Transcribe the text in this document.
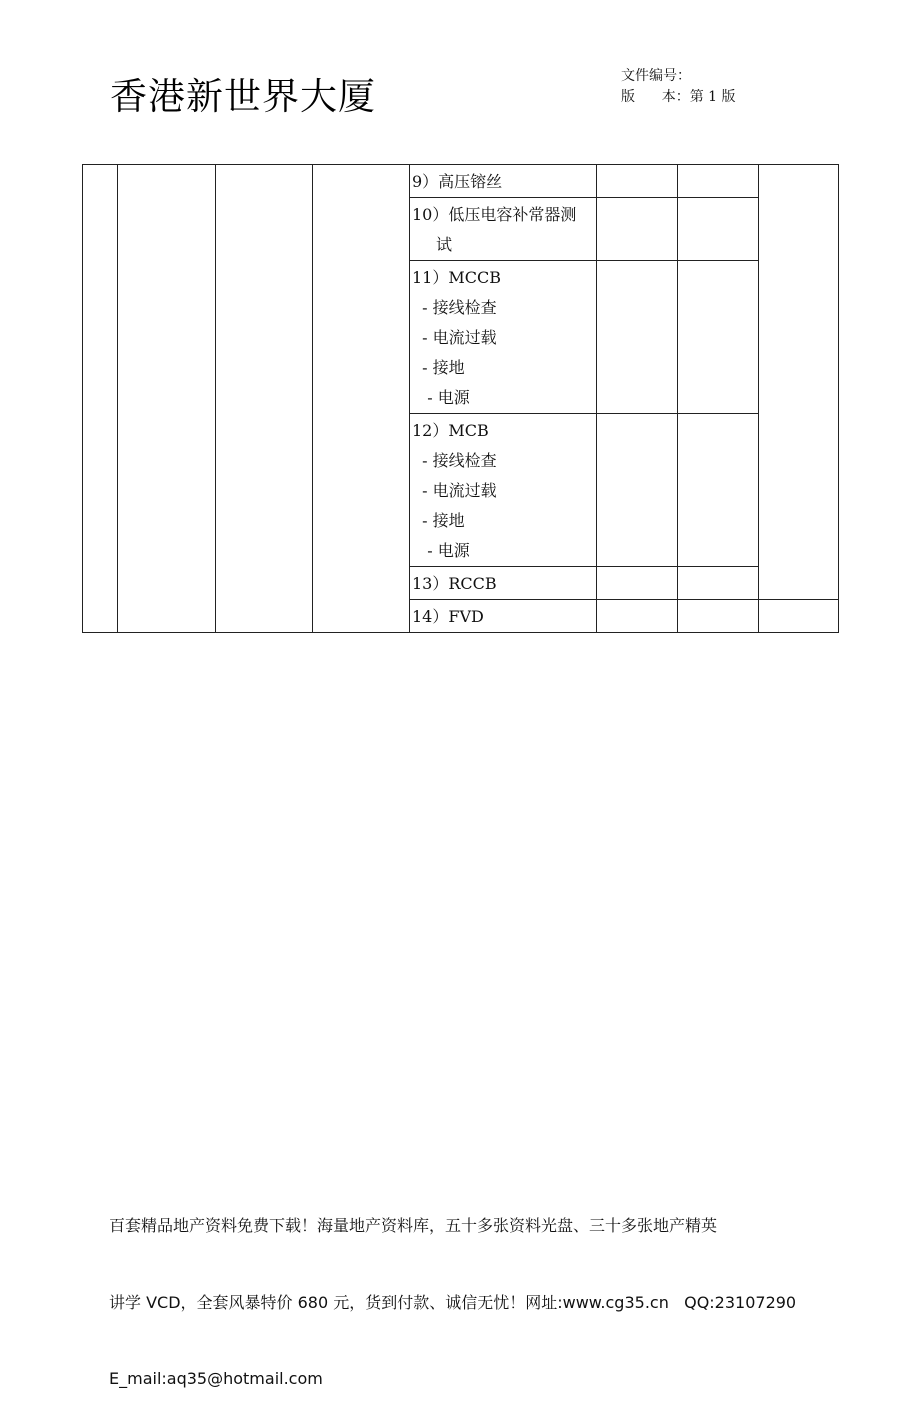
香港新世界大厦	文件编号：
版      本：第 1 版

				9）高压镕丝			

				10）低压电容补常器测
试			

				11）MCCB
- 接线检查
- 电流过载
- 接地
- 电源			

				12）MCB
- 接线检查
- 电流过载
- 接地
- 电源			

				13）RCCB			

				14）FVD			

百套精品地产资料免费下载！海量地产资料库，五十多张资料光盘、三十多张地产精英

讲学 VCD，全套风暴特价 680 元，货到付款、诚信无忧！网址:www.cg35.cn   QQ:23107290

E_mail:aq35@hotmail.com
